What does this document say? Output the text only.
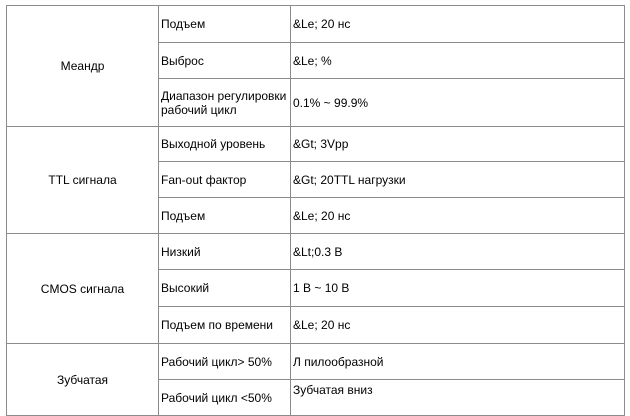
Меандр	Подъем	&Le; 20 нс
	Выброс	&Le; %
	Диапазон регулировки рабочий цикл	0.1% ~ 99.9%
TTL сигнала	Выходной уровень	&Gt; 3Vpp
	Fan-out фактор	&Gt; 20TTL нагрузки
	Подъем	&Le; 20 нс
CMOS сигнала	Низкий	&Lt;0.3 В
	Высокий	1 В ~ 10 В
	Подъем по времени	&Le; 20 нс
Зубчатая	Рабочий цикл> 50%	Л пилообразной
	Рабочий цикл <50%	Зубчатая вниз
